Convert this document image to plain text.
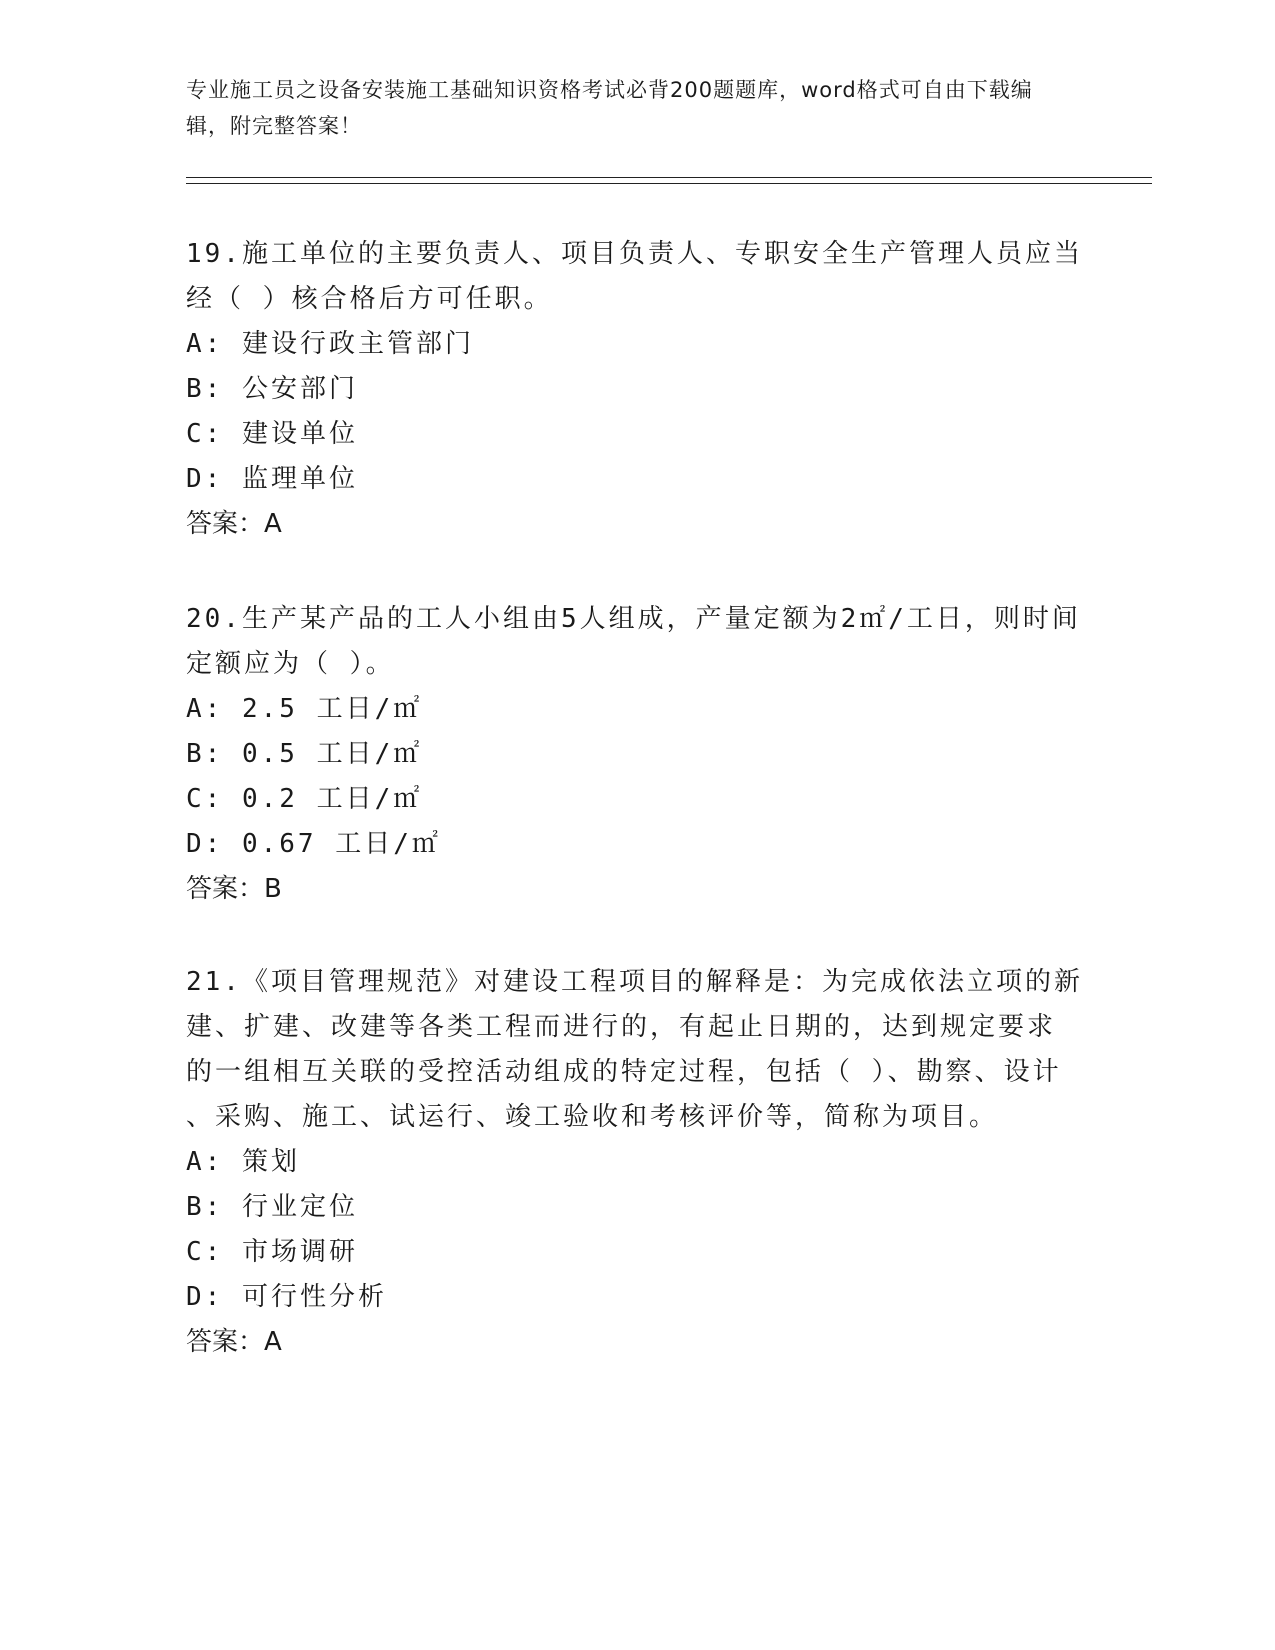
专业施工员之设备安装施工基础知识资格考试必背200题题库，word格式可自由下载编辑，附完整答案！

19.施工单位的主要负责人、项目负责人、专职安全生产管理人员应当

经（ ）核合格后方可任职。

A: 建设行政主管部门
B: 公安部门
C: 建设单位
D: 监理单位

答案：A

20.生产某产品的工人小组由5人组成，产量定额为2㎡/工日，则时间

定额应为（ ）。

A: 2.5 工日/㎡
B: 0.5 工日/㎡
C: 0.2 工日/㎡
D: 0.67 工日/㎡

答案：B

21.《项目管理规范》对建设工程项目的解释是：为完成依法立项的新

建、扩建、改建等各类工程而进行的，有起止日期的，达到规定要求

的一组相互关联的受控活动组成的特定过程，包括（ ）、勘察、设计

、采购、施工、试运行、竣工验收和考核评价等，简称为项目。

A: 策划
B: 行业定位
C: 市场调研
D: 可行性分析

答案：A
